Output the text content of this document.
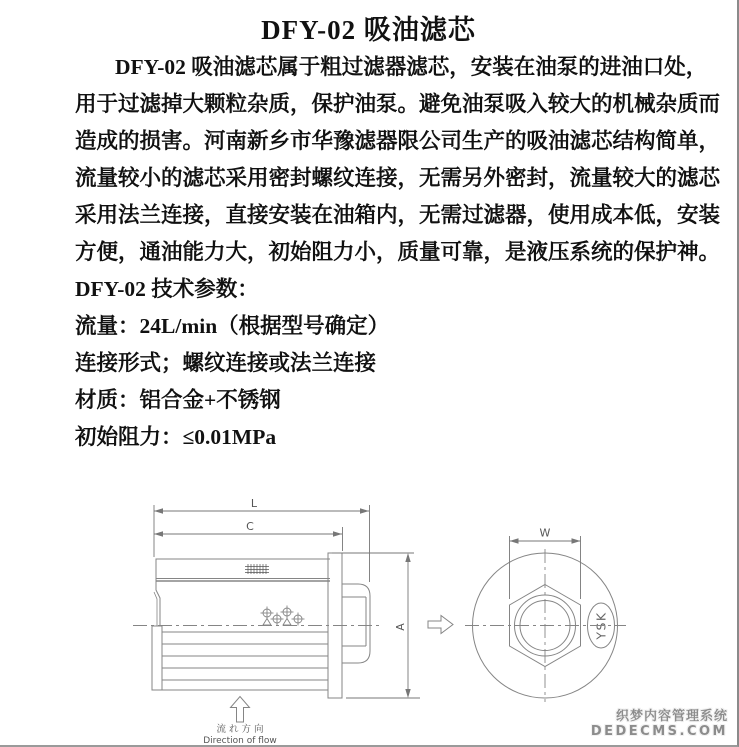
DFY-02 吸油滤芯
DFY-02 吸油滤芯属于粗过滤器滤芯，安装在油泵的进油口处，
用于过滤掉大颗粒杂质，保护油泵。避免油泵吸入较大的机械杂质而
造成的损害。河南新乡市华豫滤器限公司生产的吸油滤芯结构简单，
流量较小的滤芯采用密封螺纹连接，无需另外密封，流量较大的滤芯
采用法兰连接，直接安装在油箱内，无需过滤器，使用成本低，安装
方便，通油能力大，初始阻力小，质量可靠，是液压系统的保护神。
DFY-02 技术参数：
流量：24L/min（根据型号确定）
连接形式；螺纹连接或法兰连接
材质：铝合金+不锈钢
初始阻力：≤0.01MPa
L
C
A	YSK
W
流 れ 方 向
Direction of flow
织梦内容管理系统
DEDECMS.COM
